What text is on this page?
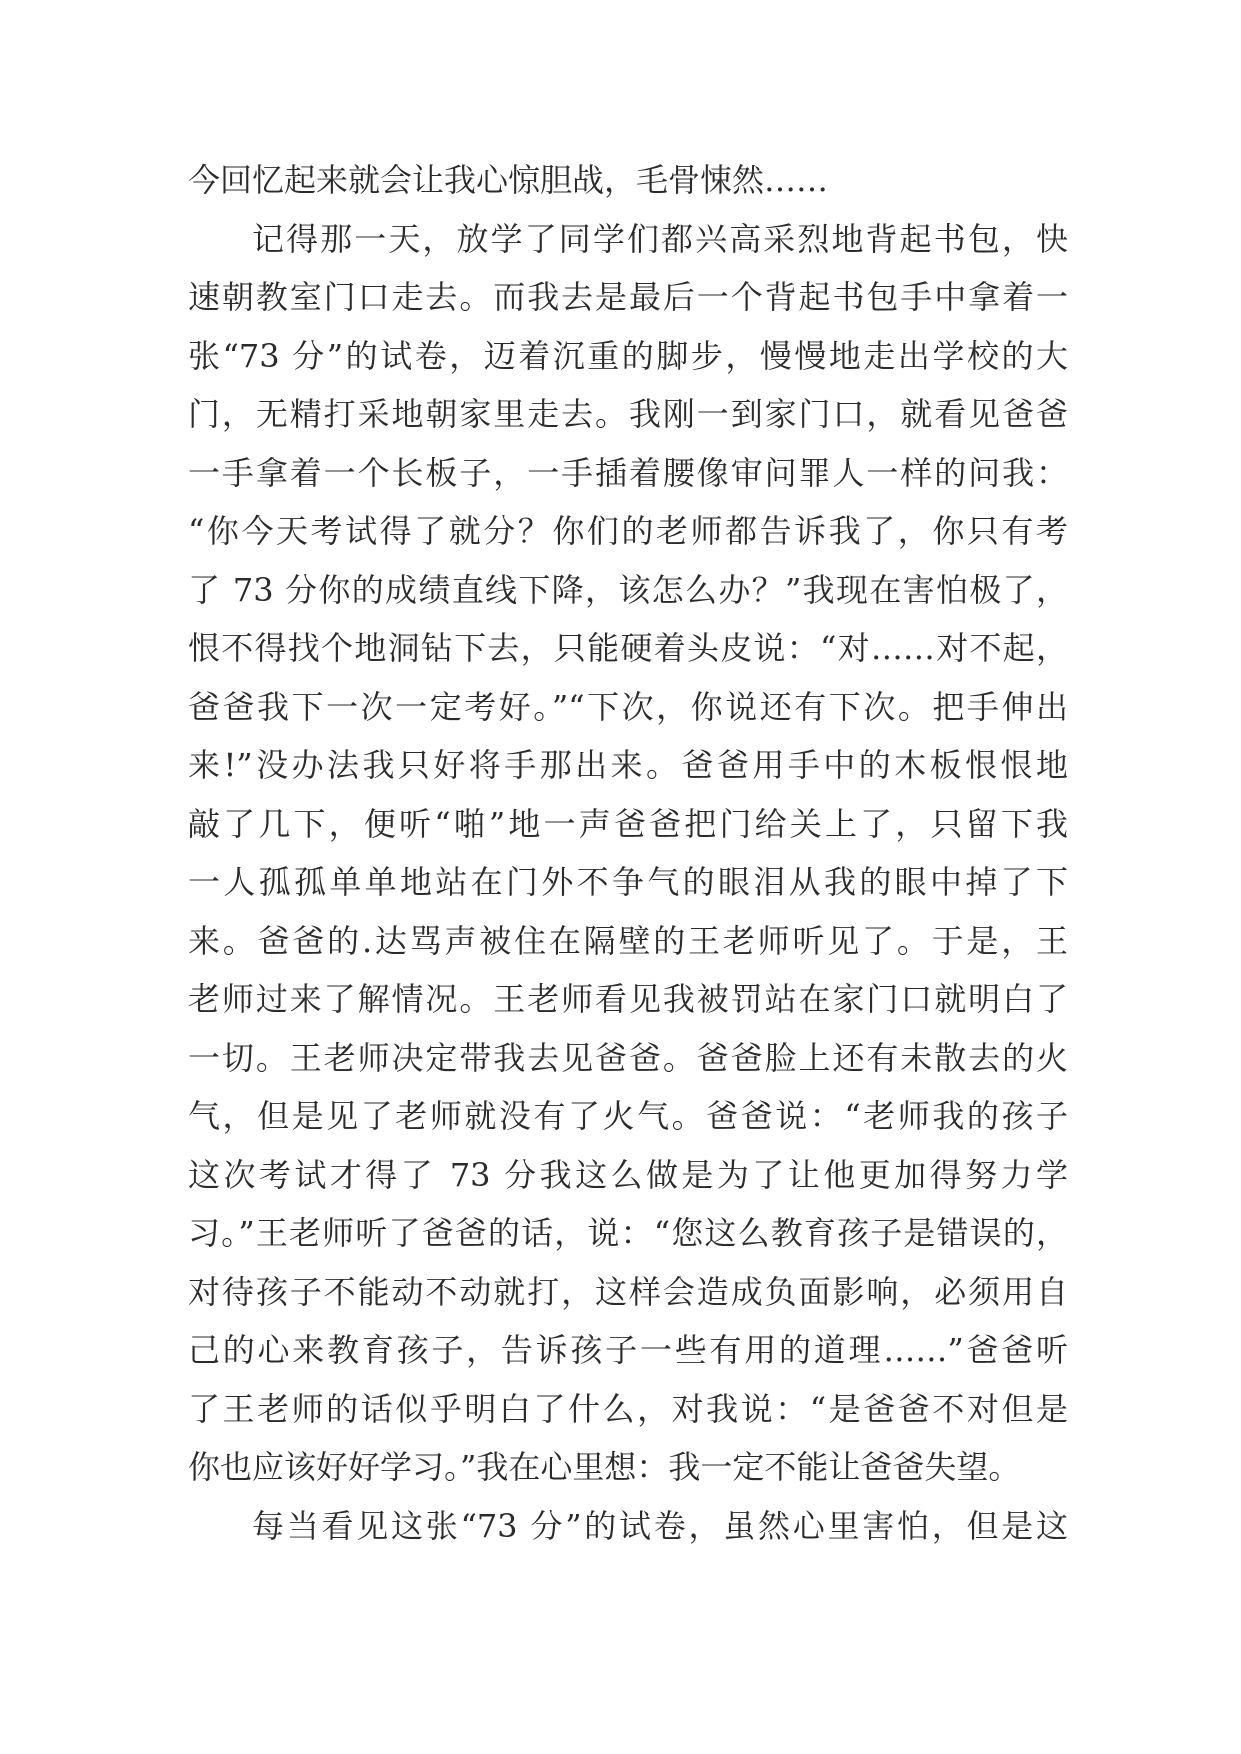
今回忆起来就会让我心惊胆战，毛骨悚然……
记得那一天，放学了同学们都兴高采烈地背起书包，快
速朝教室门口走去。而我去是最后一个背起书包手中拿着一
张“73 分”的试卷，迈着沉重的脚步，慢慢地走出学校的大
门，无精打采地朝家里走去。我刚一到家门口，就看见爸爸
一手拿着一个长板子，一手插着腰像审问罪人一样的问我：
“你今天考试得了就分？你们的老师都告诉我了，你只有考
了 73 分你的成绩直线下降，该怎么办？”我现在害怕极了，
恨不得找个地洞钻下去，只能硬着头皮说：“对……对不起，
爸爸我下一次一定考好。”“下次，你说还有下次。把手伸出
来!”没办法我只好将手那出来。爸爸用手中的木板恨恨地
敲了几下，便听“啪”地一声爸爸把门给关上了，只留下我
一人孤孤单单地站在门外不争气的眼泪从我的眼中掉了下
来。爸爸的.达骂声被住在隔壁的王老师听见了。于是，王
老师过来了解情况。王老师看见我被罚站在家门口就明白了
一切。王老师决定带我去见爸爸。爸爸脸上还有未散去的火
气，但是见了老师就没有了火气。爸爸说：“老师我的孩子
这次考试才得了 73 分我这么做是为了让他更加得努力学
习。”王老师听了爸爸的话，说：“您这么教育孩子是错误的，
对待孩子不能动不动就打，这样会造成负面影响，必须用自
己的心来教育孩子，告诉孩子一些有用的道理……”爸爸听
了王老师的话似乎明白了什么，对我说：“是爸爸不对但是
你也应该好好学习。”我在心里想：我一定不能让爸爸失望。
每当看见这张“73 分”的试卷，虽然心里害怕，但是这
